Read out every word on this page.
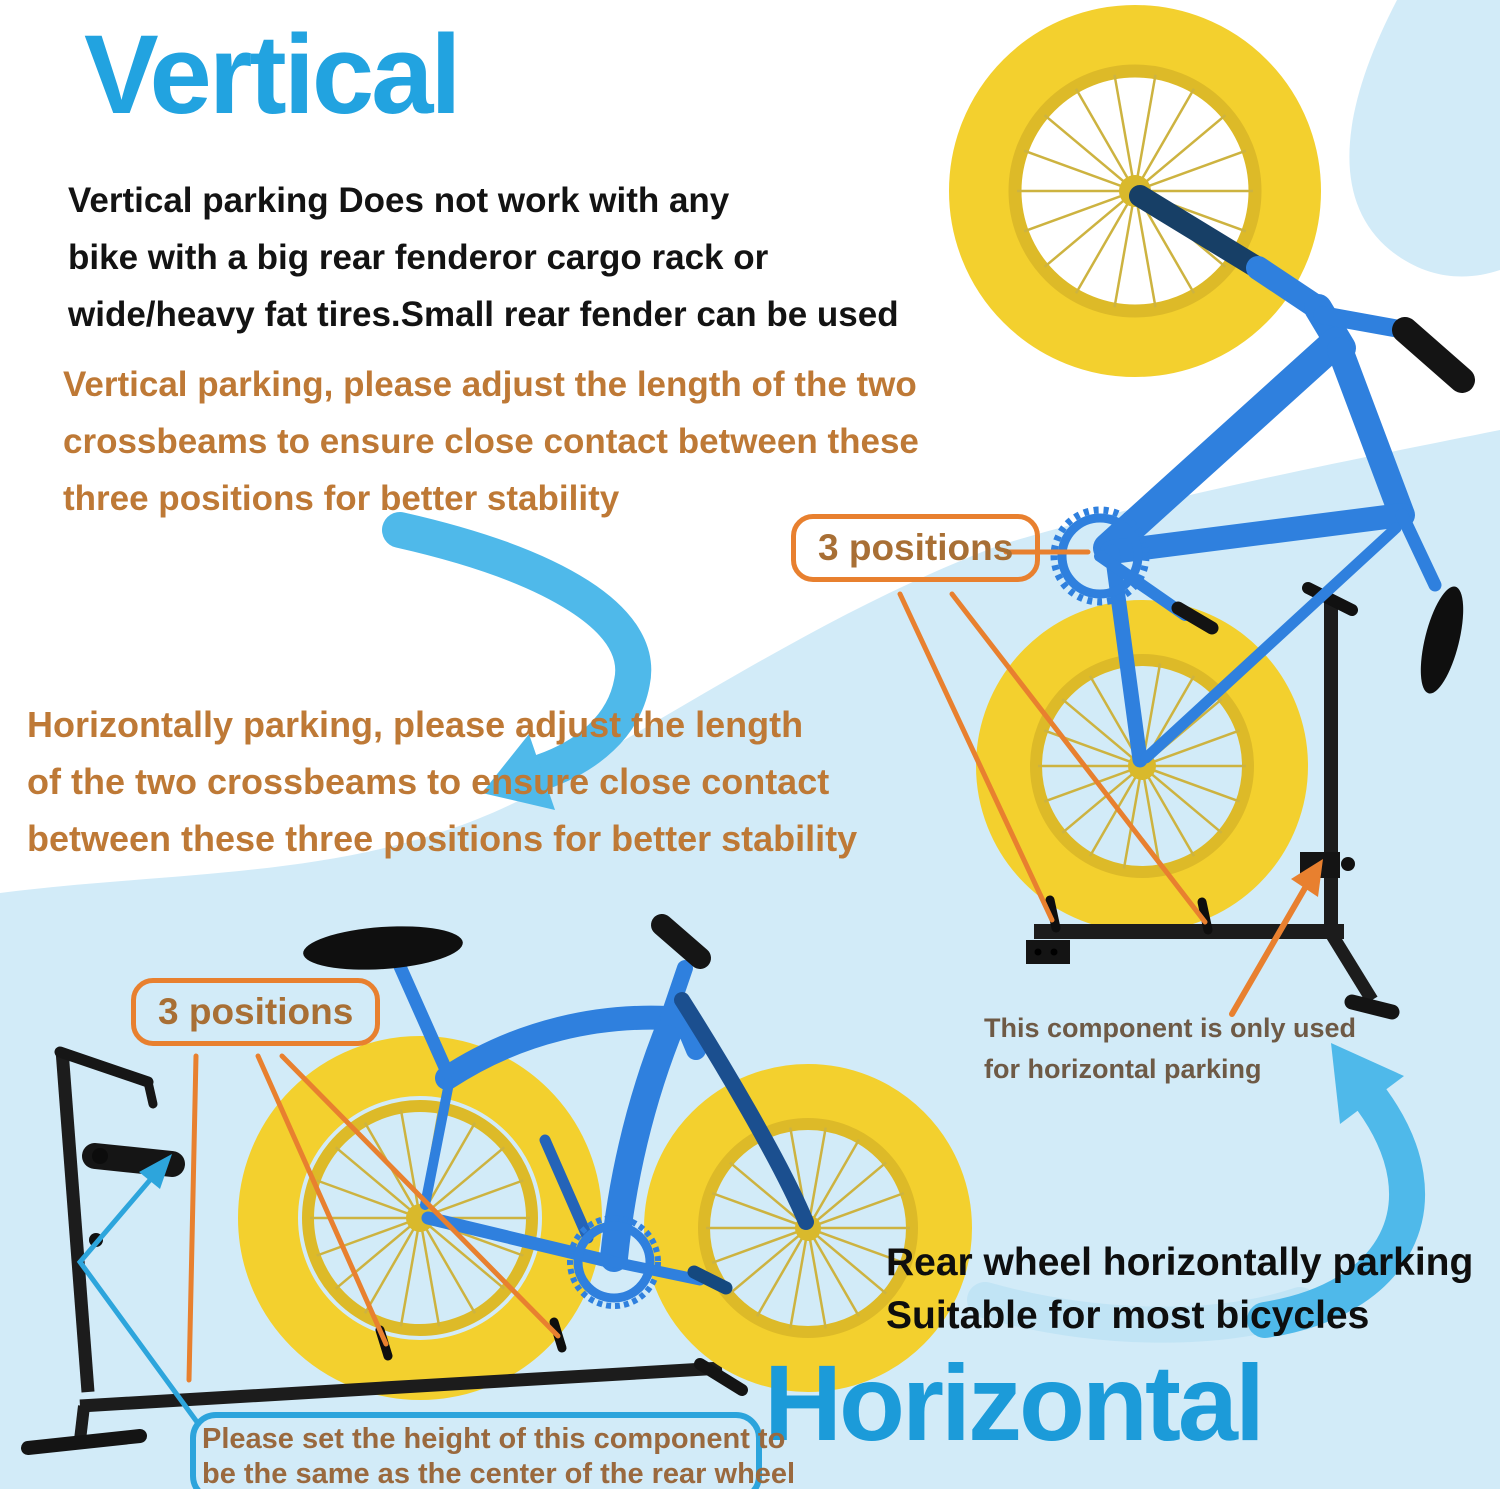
Vertical
Vertical parking Does not work with any
bike with a big rear fenderor cargo rack or
wide/heavy fat tires.Small rear fender can be used
Vertical parking, please adjust the length of the two
crossbeams to ensure close contact between these
three positions for better stability
3 positions
Horizontally parking, please adjust the length
of the two crossbeams to ensure close contact
between these three positions for better stability
3 positions	This component is only used
for horizontal parking
Rear wheel horizontally parking
Suitable for most bicycles
Horizontal
Please set the height of this component to
be the same as the center of the rear wheel
